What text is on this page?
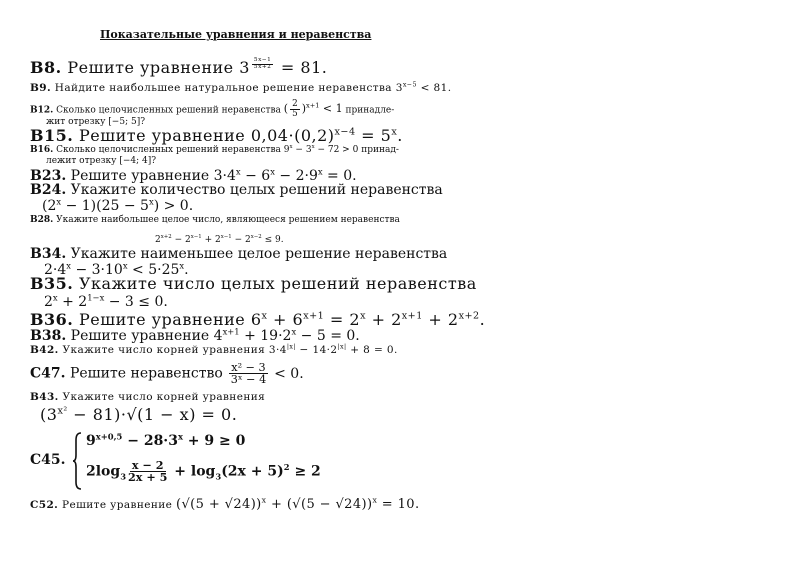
Показательные уравнения и неравенства
B8. Решите уравнение 3 $^{\frac{5x-1}{5x+2}}$ = 81.
B9. Найдите наибольшее натуральное решение неравенства $3^{x-5} < 81$.
B12. Сколько целочисленных решений неравенства ( $\frac{2}{5} )^{x+1} < 1$ принадле-
жит отрезку [−5; 5]?
B15. Решите уравнение $0,04\cdot(0,2)^{x-4} = 5^x$.
B16. Сколько целочисленных решений неравенства $9^x - 3^x - 72 > 0$ принад-
лежит отрезку [−4; 4]?
B23. Решите уравнение $3\cdot 4^x - 6^x - 2\cdot 9^x = 0$.
B24. Укажите количество целых решений неравенства
$(2^x - 1)(25 - 5^x) > 0$.
B28. Укажите наибольшее целое число, являющееся решением неравенства
$2^{x+2} - 2^{x-1} + 2^{x-1} - 2^{x-2} \le 9$.
B34. Укажите наименьшее целое решение неравенства
$2\cdot 4^x - 3\cdot 10^x < 5\cdot 25^x$.
B35. Укажите число целых решений неравенства
$2^x + 2^{1-x} - 3 \le 0$.
B36. Решите уравнение $6^x + 6^{x+1} = 2^x + 2^{x+1} + 2^{x+2}$.
B38. Решите уравнение $4^{x+1} + 19\cdot 2^x - 5 = 0$.
B42. Укажите число корней уравнения $3\cdot 4^{|x|} - 14\cdot 2^{|x|} + 8 = 0$.
C47. Решите неравенство $\frac{\text{x² − 3}}{\text{3ˣ − 4}} < 0$.
B43. Укажите число корней уравнения
$(3^{x^2} - 81)\cdot√(1 - x) = 0$.
C45.
$9^{x+0,5} - 28\cdot 3^x + 9 \ge 0$
$2\log_3 \frac{x - 2}{2x + 5} + \log_3(2x + 5)^2 \ge 2$
C52. Решите уравнение $(√(5 + √24))^x + (√(5 - √24))^x = 10$.
